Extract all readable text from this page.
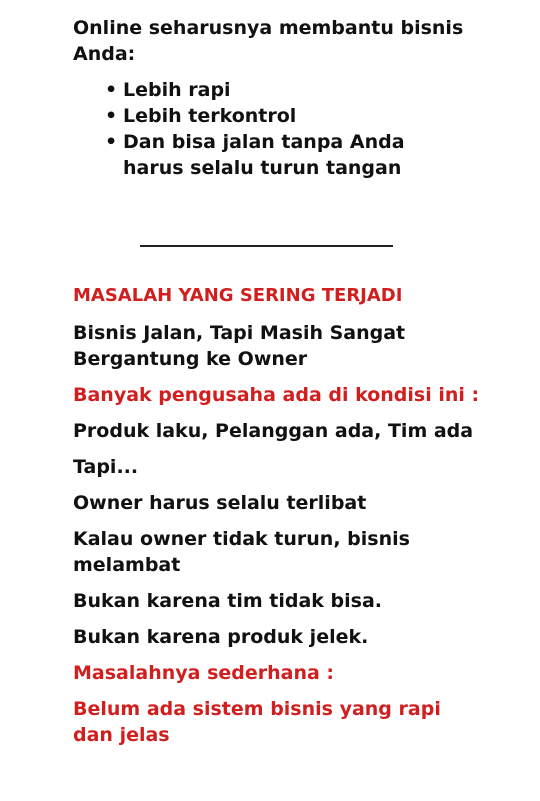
Online seharusnya membantu bisnis Anda:

• Lebih rapi
• Lebih terkontrol
• Dan bisa jalan tanpa Anda harus selalu turun tangan
MASALAH YANG SERING TERJADI
Bisnis Jalan, Tapi Masih Sangat Bergantung ke Owner
Banyak pengusaha ada di kondisi ini :
Produk laku, Pelanggan ada, Tim ada
Tapi...
Owner harus selalu terlibat
Kalau owner tidak turun, bisnis melambat
Bukan karena tim tidak bisa.
Bukan karena produk jelek.
Masalahnya sederhana :
Belum ada sistem bisnis yang rapi dan jelas
